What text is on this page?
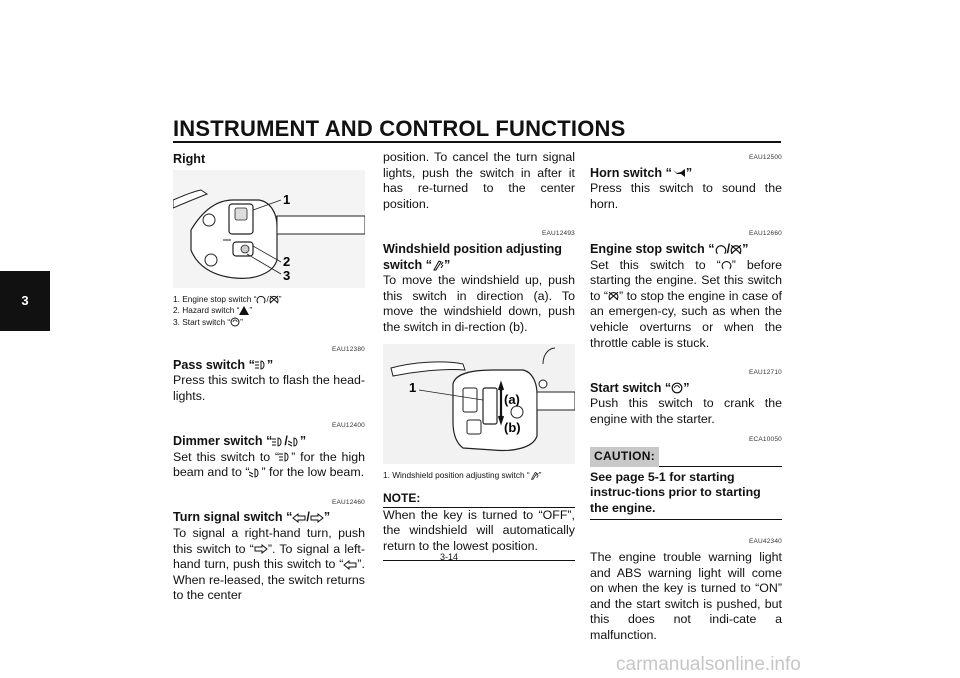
INSTRUMENT AND CONTROL FUNCTIONS
3
Right
1
2
3
1. Engine stop switch “ / ”
2. Hazard switch “ ”
3. Start switch “ ”
EAU12380
Pass switch “ ”

Press this switch to flash the head-lights.

EAU12400
Dimmer switch “ / ”

Set this switch to “ ” for the high beam and to “ ” for the low beam.

EAU12460
Turn signal switch “ / ”

To signal a right-hand turn, push this switch to “ ”. To signal a left-hand turn, push this switch to “ ”. When re-leased, the switch returns to the center

position. To cancel the turn signal lights, push the switch in after it has re-turned to the center position.

EAU12493
Windshield position adjusting switch “ ”

To move the windshield up, push this switch in direction (a). To move the windshield down, push the switch in di-rection (b).

1
(a)
(b)
1. Windshield position adjusting switch “ ”
NOTE:

When the key is turned to “OFF”, the windshield will automatically return to the lowest position.

EAU12500
Horn switch “ ”

Press this switch to sound the horn.

EAU12660
Engine stop switch “ / ”

Set this switch to “ ” before starting the engine. Set this switch to “ ” to stop the engine in case of an emergen-cy, such as when the vehicle overturns or when the throttle cable is stuck.

EAU12710
Start switch “ ”

Push this switch to crank the engine with the starter.

ECA10050
CAUTION:

See page 5-1 for starting instruc-tions prior to starting the engine.

EAU42340

The engine trouble warning light and ABS warning light will come on when the key is turned to “ON” and the start switch is pushed, but this does not indi-cate a malfunction.

3-14
carmanualsonline.info
